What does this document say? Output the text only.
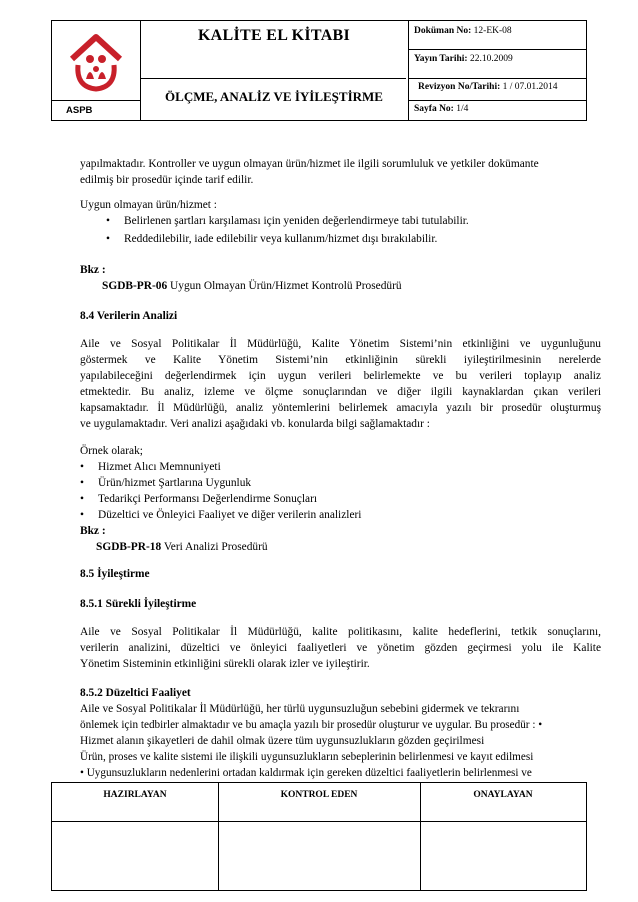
ASPB
KALİTE EL KİTABI
ÖLÇME, ANALİZ VE İYİLEŞTİRME
Doküman No: 12-EK-08
Yayın Tarihi: 22.10.2009
Revizyon No/Tarihi: 1 / 07.01.2014
Sayfa No: 1/4
yapılmaktadır. Kontroller ve uygun olmayan ürün/hizmet ile ilgili sorumluluk ve yetkiler dokümante
edilmiş bir prosedür içinde tarif edilir.
Uygun olmayan ürün/hizmet :
• Belirlenen şartları karşılaması için yeniden değerlendirmeye tabi tutulabilir.
• Reddedilebilir, iade edilebilir veya kullanım/hizmet dışı bırakılabilir.
Bkz :
SGDB-PR-06 Uygun Olmayan Ürün/Hizmet Kontrolü Prosedürü
8.4 Verilerin Analizi
Aile ve Sosyal Politikalar İl Müdürlüğü, Kalite Yönetim Sistemi’nin etkinliğini ve uygunluğunu
göstermek ve Kalite Yönetim Sistemi’nin etkinliğinin sürekli iyileştirilmesinin nerelerde
yapılabileceğini değerlendirmek için uygun verileri belirlemekte ve bu verileri toplayıp analiz
etmektedir. Bu analiz, izleme ve ölçme sonuçlarından ve diğer ilgili kaynaklardan çıkan verileri
kapsamaktadır. İl Müdürlüğü, analiz yöntemlerini belirlemek amacıyla yazılı bir prosedür oluşturmuş
ve uygulamaktadır. Veri analizi aşağıdaki vb. konularda bilgi sağlamaktadır :
Örnek olarak;
• Hizmet Alıcı Memnuniyeti
• Ürün/hizmet Şartlarına Uygunluk
• Tedarikçi Performansı Değerlendirme Sonuçları
• Düzeltici ve Önleyici Faaliyet ve diğer verilerin analizleri
Bkz :
SGDB-PR-18 Veri Analizi Prosedürü
8.5 İyileştirme
8.5.1 Sürekli İyileştirme
Aile ve Sosyal Politikalar İl Müdürlüğü, kalite politikasını, kalite hedeflerini, tetkik sonuçlarını,
verilerin analizini, düzeltici ve önleyici faaliyetleri ve yönetim gözden geçirmesi yolu ile Kalite
Yönetim Sisteminin etkinliğini sürekli olarak izler ve iyileştirir.
8.5.2 Düzeltici Faaliyet
Aile ve Sosyal Politikalar İl Müdürlüğü, her türlü uygunsuzluğun sebebini gidermek ve tekrarını
önlemek için tedbirler almaktadır ve bu amaçla yazılı bir prosedür oluşturur ve uygular. Bu prosedür : •
Hizmet alanın şikayetleri de dahil olmak üzere tüm uygunsuzlukların gözden geçirilmesi
Ürün, proses ve kalite sistemi ile ilişkili uygunsuzlukların sebeplerinin belirlenmesi ve kayıt edilmesi
• Uygunsuzlukların nedenlerini ortadan kaldırmak için gereken düzeltici faaliyetlerin belirlenmesi ve
HAZIRLAYAN	KONTROL EDEN	ONAYLAYAN
